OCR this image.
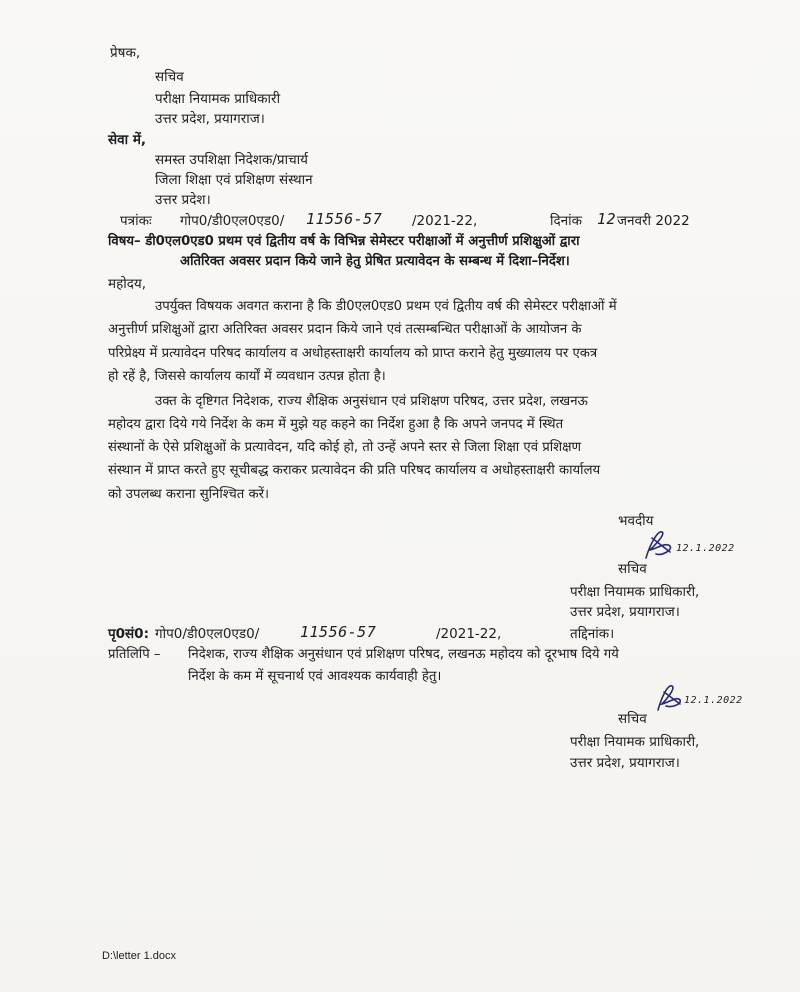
प्रेषक,
सचिव
परीक्षा नियामक प्राधिकारी
उत्तर प्रदेश, प्रयागराज।
सेवा में,
समस्त उपशिक्षा निदेशक/प्राचार्य
जिला शिक्षा एवं प्रशिक्षण संस्थान
उत्तर प्रदेश।
पत्रांकः गोप0/डी0एल0एड0/ 11556-57 /2021-22,	दिनांक 12 जनवरी 2022
विषय– डी0एल0एड0 प्रथम एवं द्वितीय वर्ष के विभिन्न सेमेस्टर परीक्षाओं में अनुत्तीर्ण प्रशिक्षुओं द्वारा
अतिरिक्त अवसर प्रदान किये जाने हेतु प्रेषित प्रत्यावेदन के सम्बन्ध में दिशा–निर्देश।
महोदय,
उपर्युक्त विषयक अवगत कराना है कि डी0एल0एड0 प्रथम एवं द्वितीय वर्ष की सेमेस्टर परीक्षाओं में
अनुत्तीर्ण प्रशिक्षुओं द्वारा अतिरिक्त अवसर प्रदान किये जाने एवं तत्सम्बन्धित परीक्षाओं के आयोजन के
परिप्रेक्ष्य में प्रत्यावेदन परिषद कार्यालय व अधोहस्ताक्षरी कार्यालय को प्राप्त कराने हेतु मुख्यालय पर एकत्र
हो रहें है, जिससे कार्यालय कार्यों में व्यवधान उत्पन्न होता है।
उक्त के दृष्टिगत निदेशक, राज्य शैक्षिक अनुसंधान एवं प्रशिक्षण परिषद, उत्तर प्रदेश, लखनऊ
महोदय द्वारा दिये गये निर्देश के कम में मुझे यह कहने का निर्देश हुआ है कि अपने जनपद में स्थित
संस्थानों के ऐसे प्रशिक्षुओं के प्रत्यावेदन, यदि कोई हो, तो उन्हें अपने स्तर से जिला शिक्षा एवं प्रशिक्षण
संस्थान में प्राप्त करते हुए सूचीबद्ध कराकर प्रत्यावेदन की प्रति परिषद कार्यालय व अधोहस्ताक्षरी कार्यालय
को उपलब्ध कराना सुनिश्चित करें।
भवदीय
12.1.2022
सचिव
परीक्षा नियामक प्राधिकारी,
उत्तर प्रदेश, प्रयागराज।
पृ0सं0: गोप0/डी0एल0एड0/	11556-57	/2021-22,	तद्दिनांक।
प्रतिलिपि – निदेशक, राज्य शैक्षिक अनुसंधान एवं प्रशिक्षण परिषद, लखनऊ महोदय को दूरभाष दिये गये
निर्देश के कम में सूचनार्थ एवं आवश्यक कार्यवाही हेतु।
12.1.2022
सचिव
परीक्षा नियामक प्राधिकारी,
उत्तर प्रदेश, प्रयागराज।
D:\letter 1.docx
